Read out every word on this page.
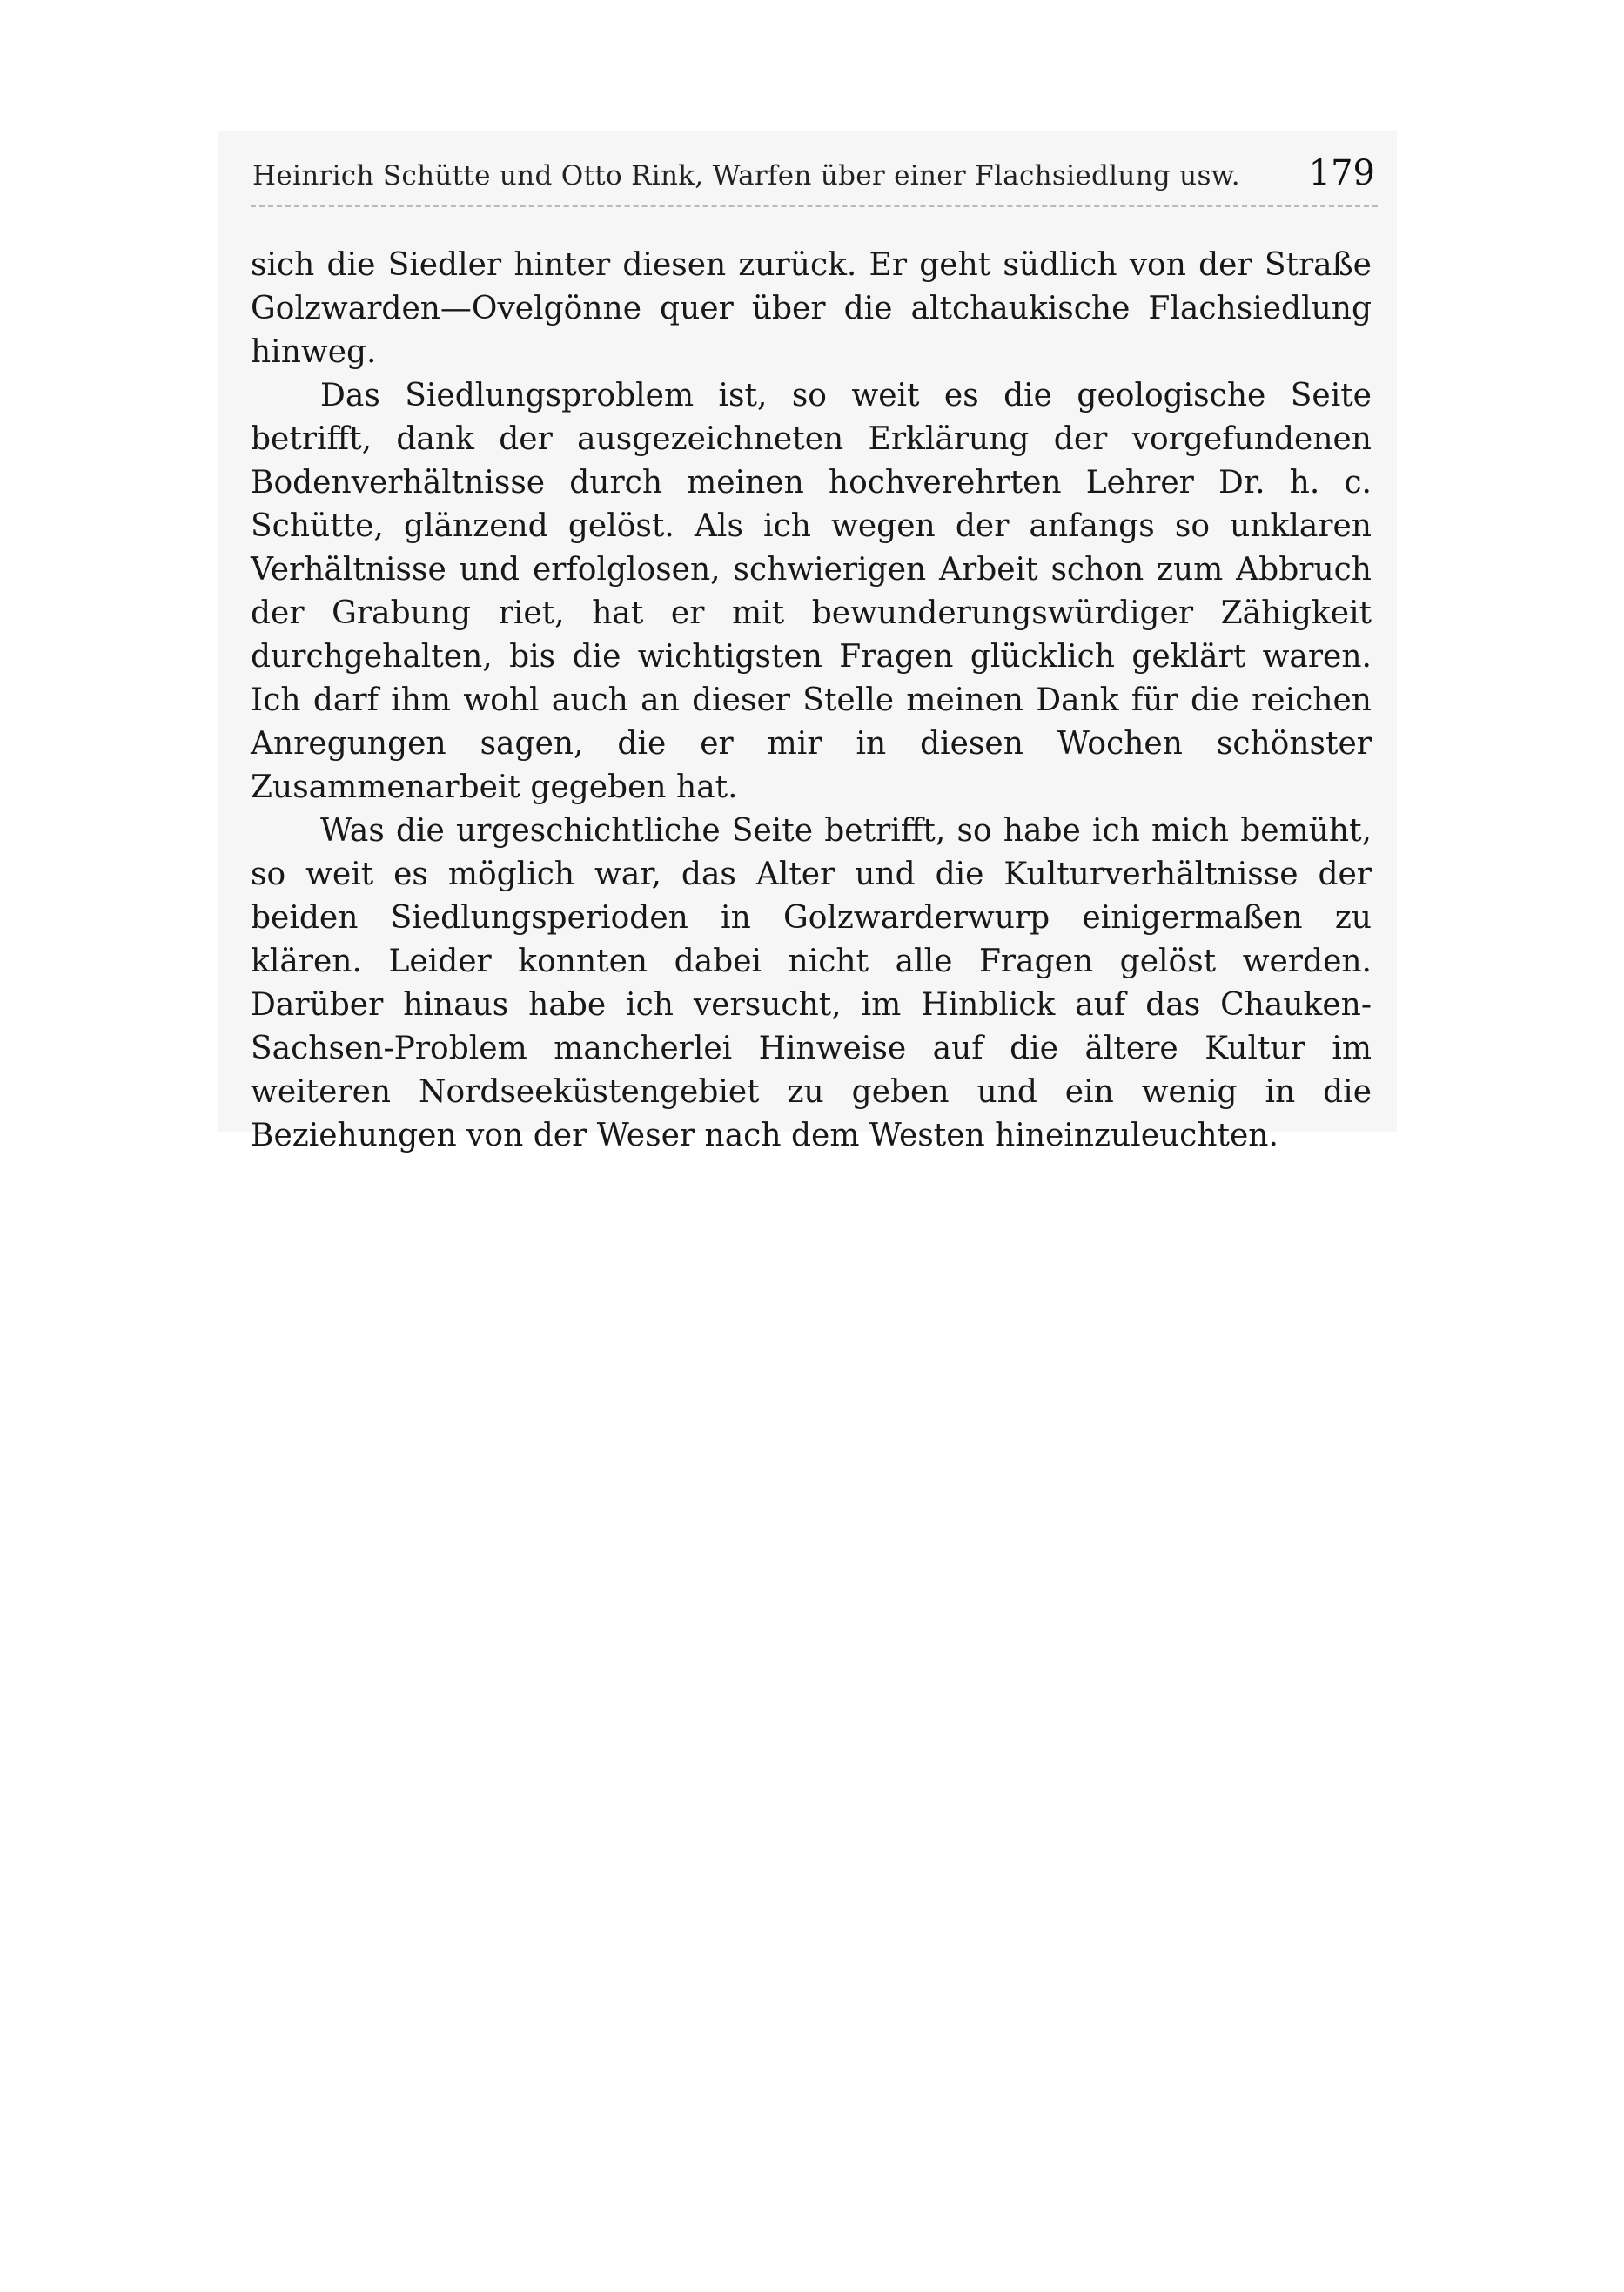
Heinrich Schütte und Otto Rink, Warfen über einer Flachsiedlung usw. 179

sich die Siedler hinter diesen zurück. Er geht südlich von der Straße Golzwarden—Ovelgönne quer über die altchaukische Flachsiedlung hinweg.

Das Siedlungsproblem ist, so weit es die geologische Seite betrifft, dank der ausgezeichneten Erklärung der vorgefundenen Bodenverhältnisse durch meinen hochverehrten Lehrer Dr. h. c. Schütte, glänzend gelöst. Als ich wegen der anfangs so unklaren Verhältnisse und erfolglosen, schwierigen Arbeit schon zum Abbruch der Grabung riet, hat er mit bewunderungswürdiger Zähigkeit durchgehalten, bis die wichtigsten Fragen glücklich geklärt waren. Ich darf ihm wohl auch an dieser Stelle meinen Dank für die reichen Anregungen sagen, die er mir in diesen Wochen schönster Zusammenarbeit gegeben hat.

Was die urgeschichtliche Seite betrifft, so habe ich mich bemüht, so weit es möglich war, das Alter und die Kulturverhältnisse der beiden Siedlungsperioden in Golzwarderwurp einigermaßen zu klären. Leider konnten dabei nicht alle Fragen gelöst werden. Darüber hinaus habe ich versucht, im Hinblick auf das Chauken-Sachsen-Problem mancherlei Hinweise auf die ältere Kultur im weiteren Nordseeküstengebiet zu geben und ein wenig in die Beziehungen von der Weser nach dem Westen hineinzuleuchten.
